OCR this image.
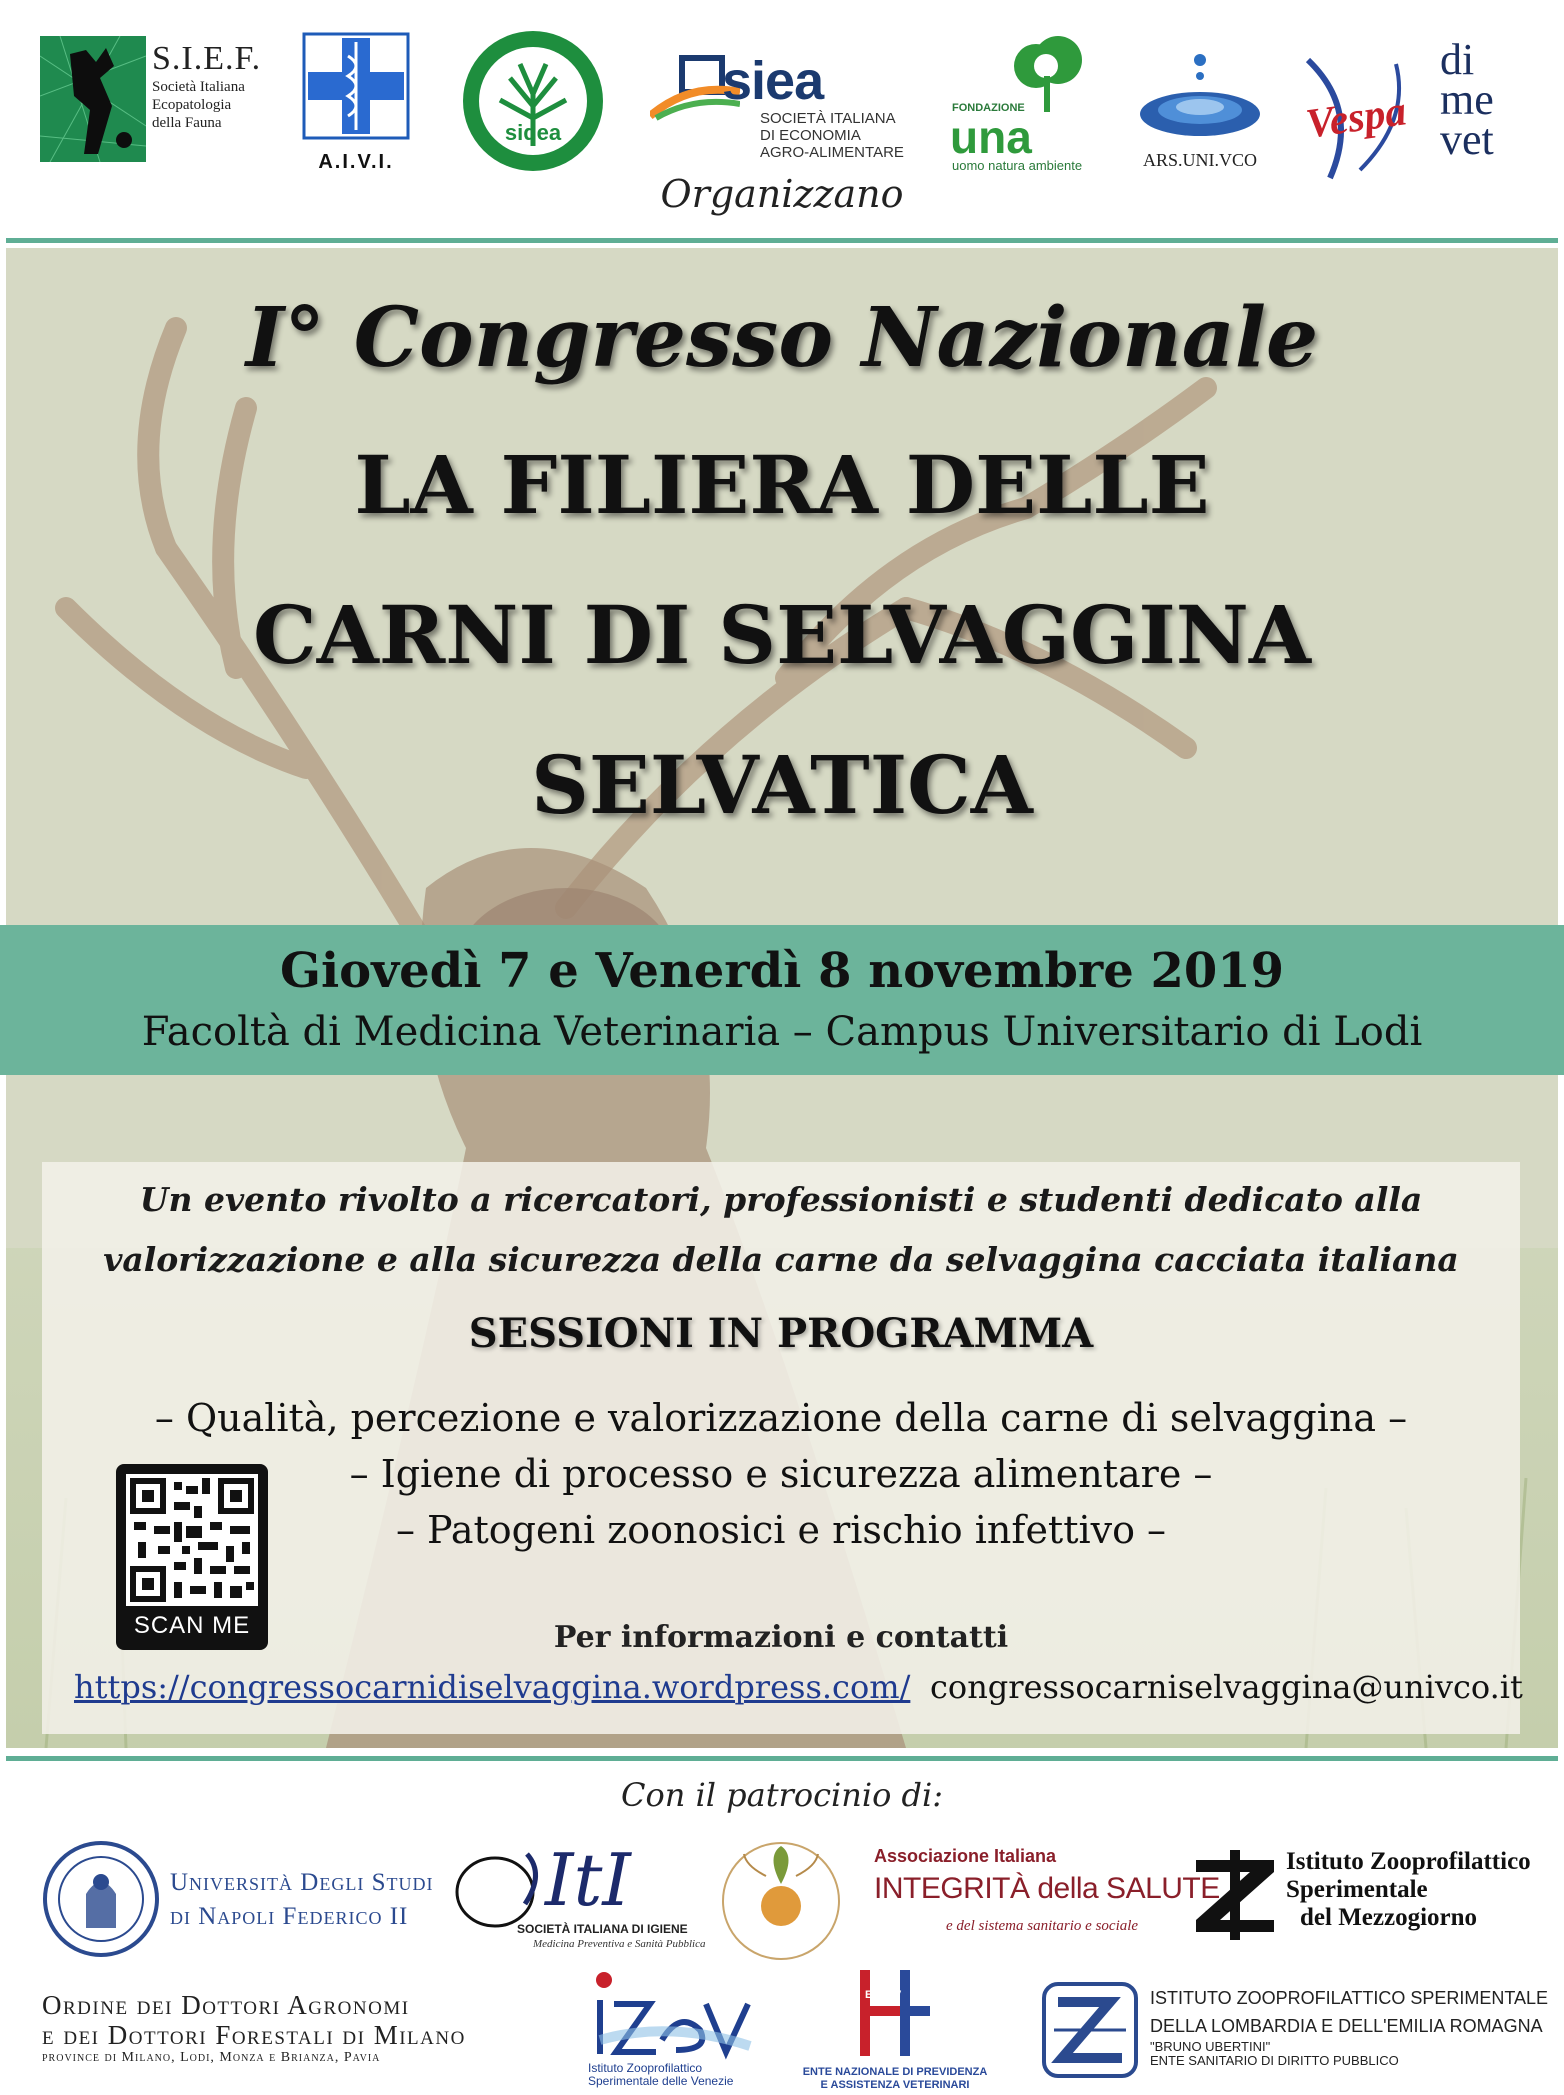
S.I.E.F.
Società Italiana
Ecopatologia
della Fauna
A.I.V.I.
sidea
siea
SOCIETÀ ITALIANA
DI ECONOMIA
AGRO-ALIMENTARE
FONDAZIONE
una
uomo natura ambiente	ARS.UNI.VCO
Vespa
di
me
vet
Organizzano
I° Congresso Nazionale
LA FILIERA DELLE
CARNI DI SELVAGGINA
SELVATICA
Giovedì 7 e Venerdì 8 novembre 2019
Facoltà di Medicina Veterinaria – Campus Universitario di Lodi
Un evento rivolto a ricercatori, professionisti e studenti dedicato alla
valorizzazione e alla sicurezza della carne da selvaggina cacciata italiana
SESSIONI IN PROGRAMMA
– Qualità, percezione e valorizzazione della carne di selvaggina –
– Igiene di processo e sicurezza alimentare –
– Patogeni zoonosici e rischio infettivo –
SCAN ME	Per informazioni e contatti
https://congressocarnidiselvaggina.wordpress.com/ congressocarniselvaggina@univco.it
Con il patrocinio di:
Università Degli Studi
di Napoli Federico II	ItI
SOCIETÀ ITALIANA DI IGIENE
Medicina Preventiva e Sanità Pubblica
Associazione Italiana
INTEGRITÀ della SALUTE
e del sistema sanitario e sociale
Istituto Zooprofilattico
Sperimentale
del Mezzogiorno
Ordine dei Dottori Agronomi
e dei Dottori Forestali di Milano
province di Milano, Lodi, Monza e Brianza, Pavia
Istituto Zooprofilattico
Sperimentale delle Venezie
ENPAV
ENTE NAZIONALE DI PREVIDENZA
E ASSISTENZA VETERINARI
ISTITUTO ZOOPROFILATTICO SPERIMENTALE
DELLA LOMBARDIA E DELL'EMILIA ROMAGNA
"BRUNO UBERTINI"
ENTE SANITARIO DI DIRITTO PUBBLICO
